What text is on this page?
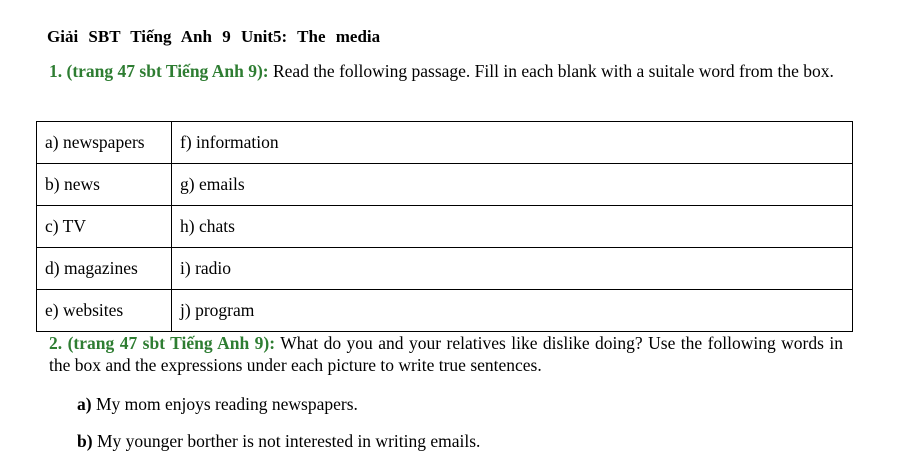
Giải SBT Tiếng Anh 9 Unit5: The media
1. (trang 47 sbt Tiếng Anh 9): Read the following passage. Fill in each blank with a suitale word from the box.
a) newspapers	f) information
b) news	g) emails
c) TV	h) chats
d) magazines	i) radio
e) websites	j) program
2. (trang 47 sbt Tiếng Anh 9): What do you and your relatives like dislike doing? Use the following words in the box and the expressions under each picture to write true sentences.
a) My mom enjoys reading newspapers.
b) My younger borther is not interested in writing emails.
